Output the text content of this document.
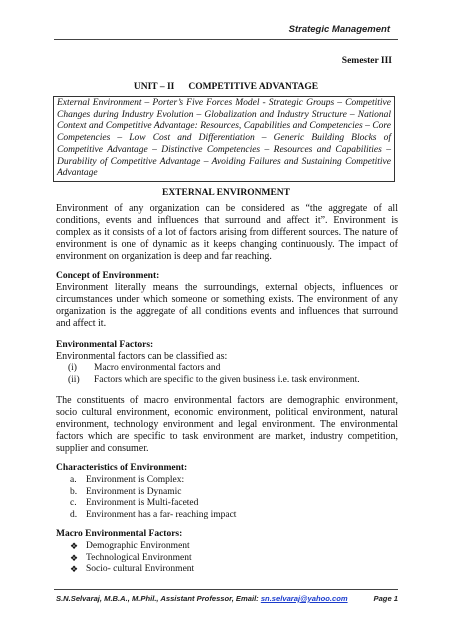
Strategic Management
Semester III
UNIT – II COMPETITIVE ADVANTAGE
External Environment – Porter’s Five Forces Model - Strategic Groups – Competitive Changes during Industry Evolution – Globalization and Industry Structure – National Context and Competitive Advantage: Resources, Capabilities and Competencies – Core Competencies – Low Cost and Differentiation – Generic Building Blocks of Competitive Advantage – Distinctive Competencies – Resources and Capabilities – Durability of Competitive Advantage – Avoiding Failures and Sustaining Competitive Advantage
EXTERNAL ENVIRONMENT
Environment of any organization can be considered as “the aggregate of all conditions, events and influences that surround and affect it”. Environment is complex as it consists of a lot of factors arising from different sources. The nature of environment is one of dynamic as it keeps changing continuously. The impact of environment on organization is deep and far reaching.
Concept of Environment:
Environment literally means the surroundings, external objects, influences or circumstances under which someone or something exists. The environment of any organization is the aggregate of all conditions events and influences that surround and affect it.
Environmental Factors:
Environmental factors can be classified as:
(i)	Macro environmental factors and
(ii)	Factors which are specific to the given business i.e. task environment.
The constituents of macro environmental factors are demographic environment, socio cultural environment, economic environment, political environment, natural environment, technology environment and legal environment. The environmental factors which are specific to task environment are market, industry competition, supplier and consumer.
Characteristics of Environment:
a. Environment is Complex:
b. Environment is Dynamic
c. Environment is Multi-faceted
d. Environment has a far- reaching impact
Macro Environmental Factors:
❖ Demographic Environment
❖ Technological Environment
❖ Socio- cultural Environment
S.N.Selvaraj, M.B.A., M.Phil., Assistant Professor, Email: sn.selvaraj@yahoo.com	Page 1
